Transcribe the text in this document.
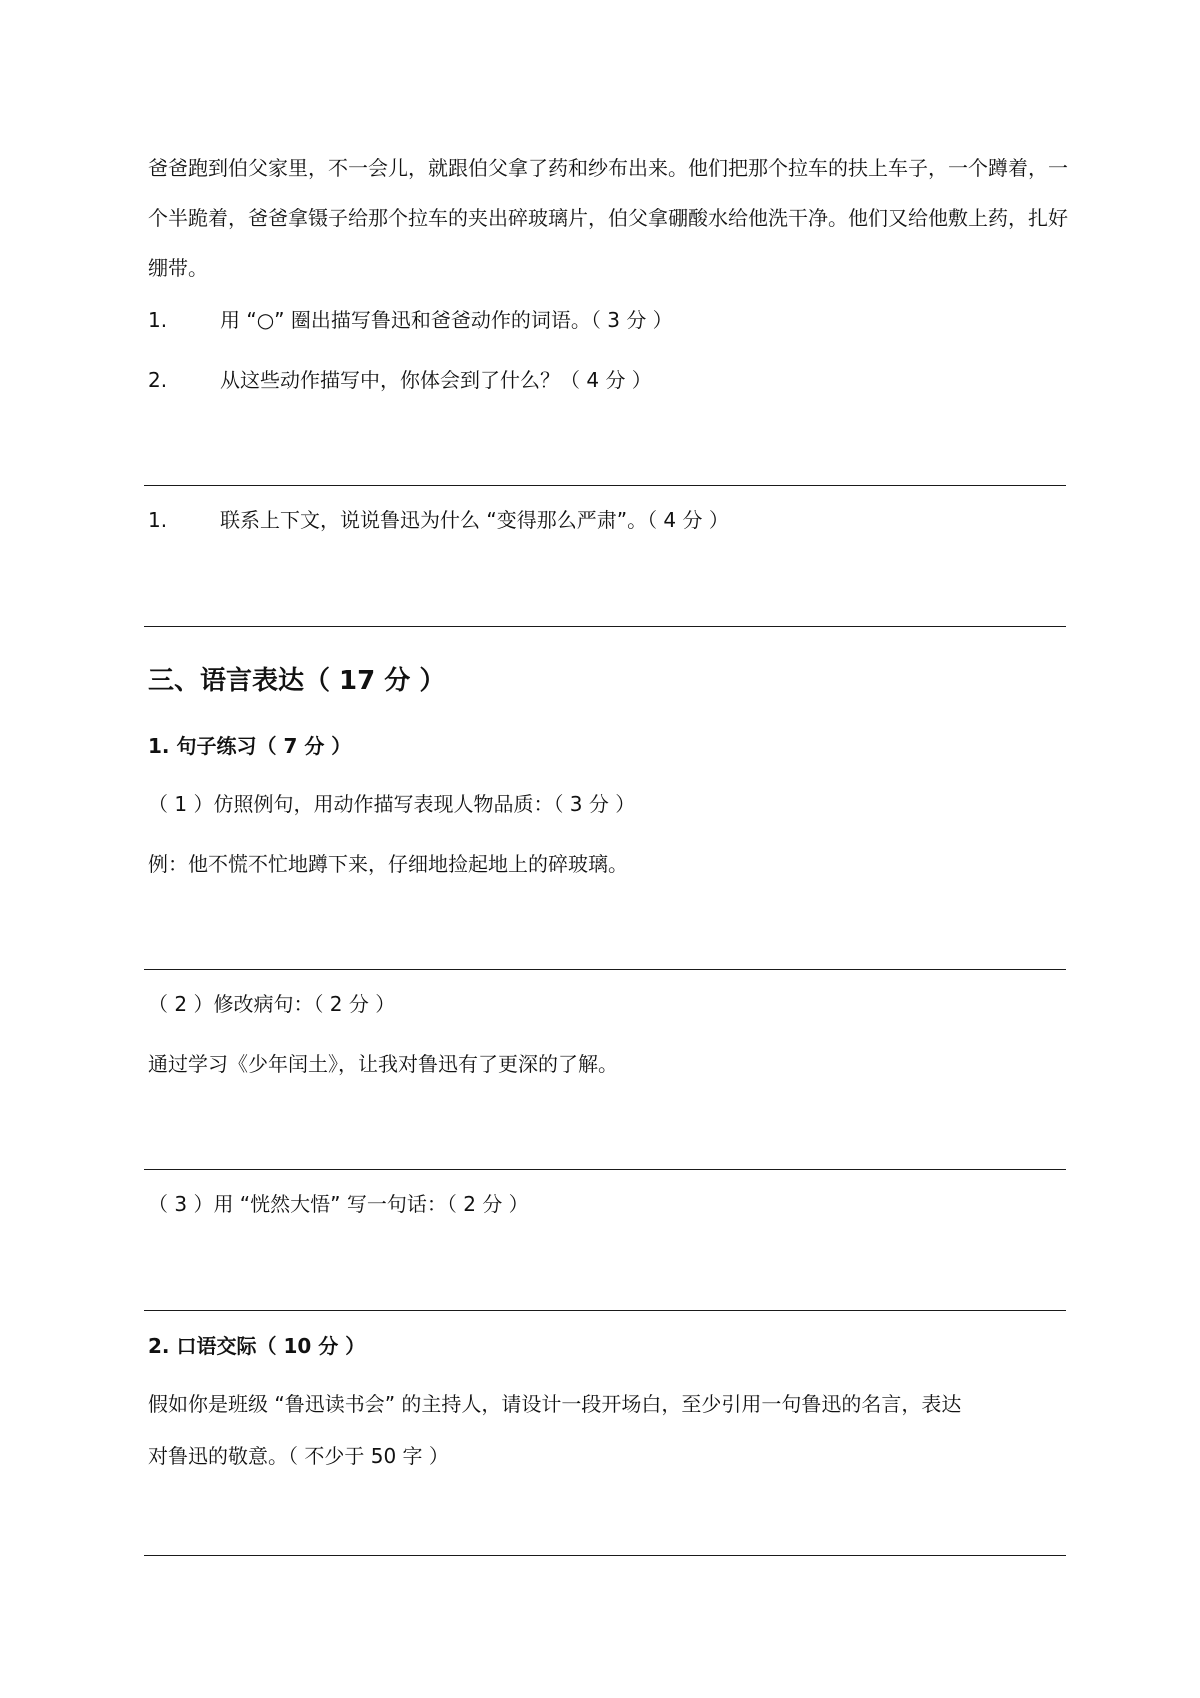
爸爸跑到伯父家里，不一会儿，就跟伯父拿了药和纱布出来。他们把那个拉车的扶上车子，一个蹲着，一个半跪着，爸爸拿镊子给那个拉车的夹出碎玻璃片，伯父拿硼酸水给他洗干净。他们又给他敷上药，扎好绷带。

1.	用 “○” 圈出描写鲁迅和爸爸动作的词语。（ 3 分 ）
2.	从这些动作描写中，你体会到了什么？（ 4 分 ）
1.	联系上下文，说说鲁迅为什么 “变得那么严肃”。（ 4 分 ）
三、语言表达（ 17 分 ）
1. 句子练习（ 7 分 ）
（ 1 ）仿照例句，用动作描写表现人物品质：（ 3 分 ）
例：他不慌不忙地蹲下来，仔细地捡起地上的碎玻璃。
（ 2 ）修改病句：（ 2 分 ）
通过学习《少年闰土》，让我对鲁迅有了更深的了解。
（ 3 ）用 “恍然大悟” 写一句话：（ 2 分 ）
2. 口语交际（ 10 分 ）
假如你是班级 “鲁迅读书会” 的主持人，请设计一段开场白，至少引用一句鲁迅的名言，表达
对鲁迅的敬意。（ 不少于 50 字 ）
